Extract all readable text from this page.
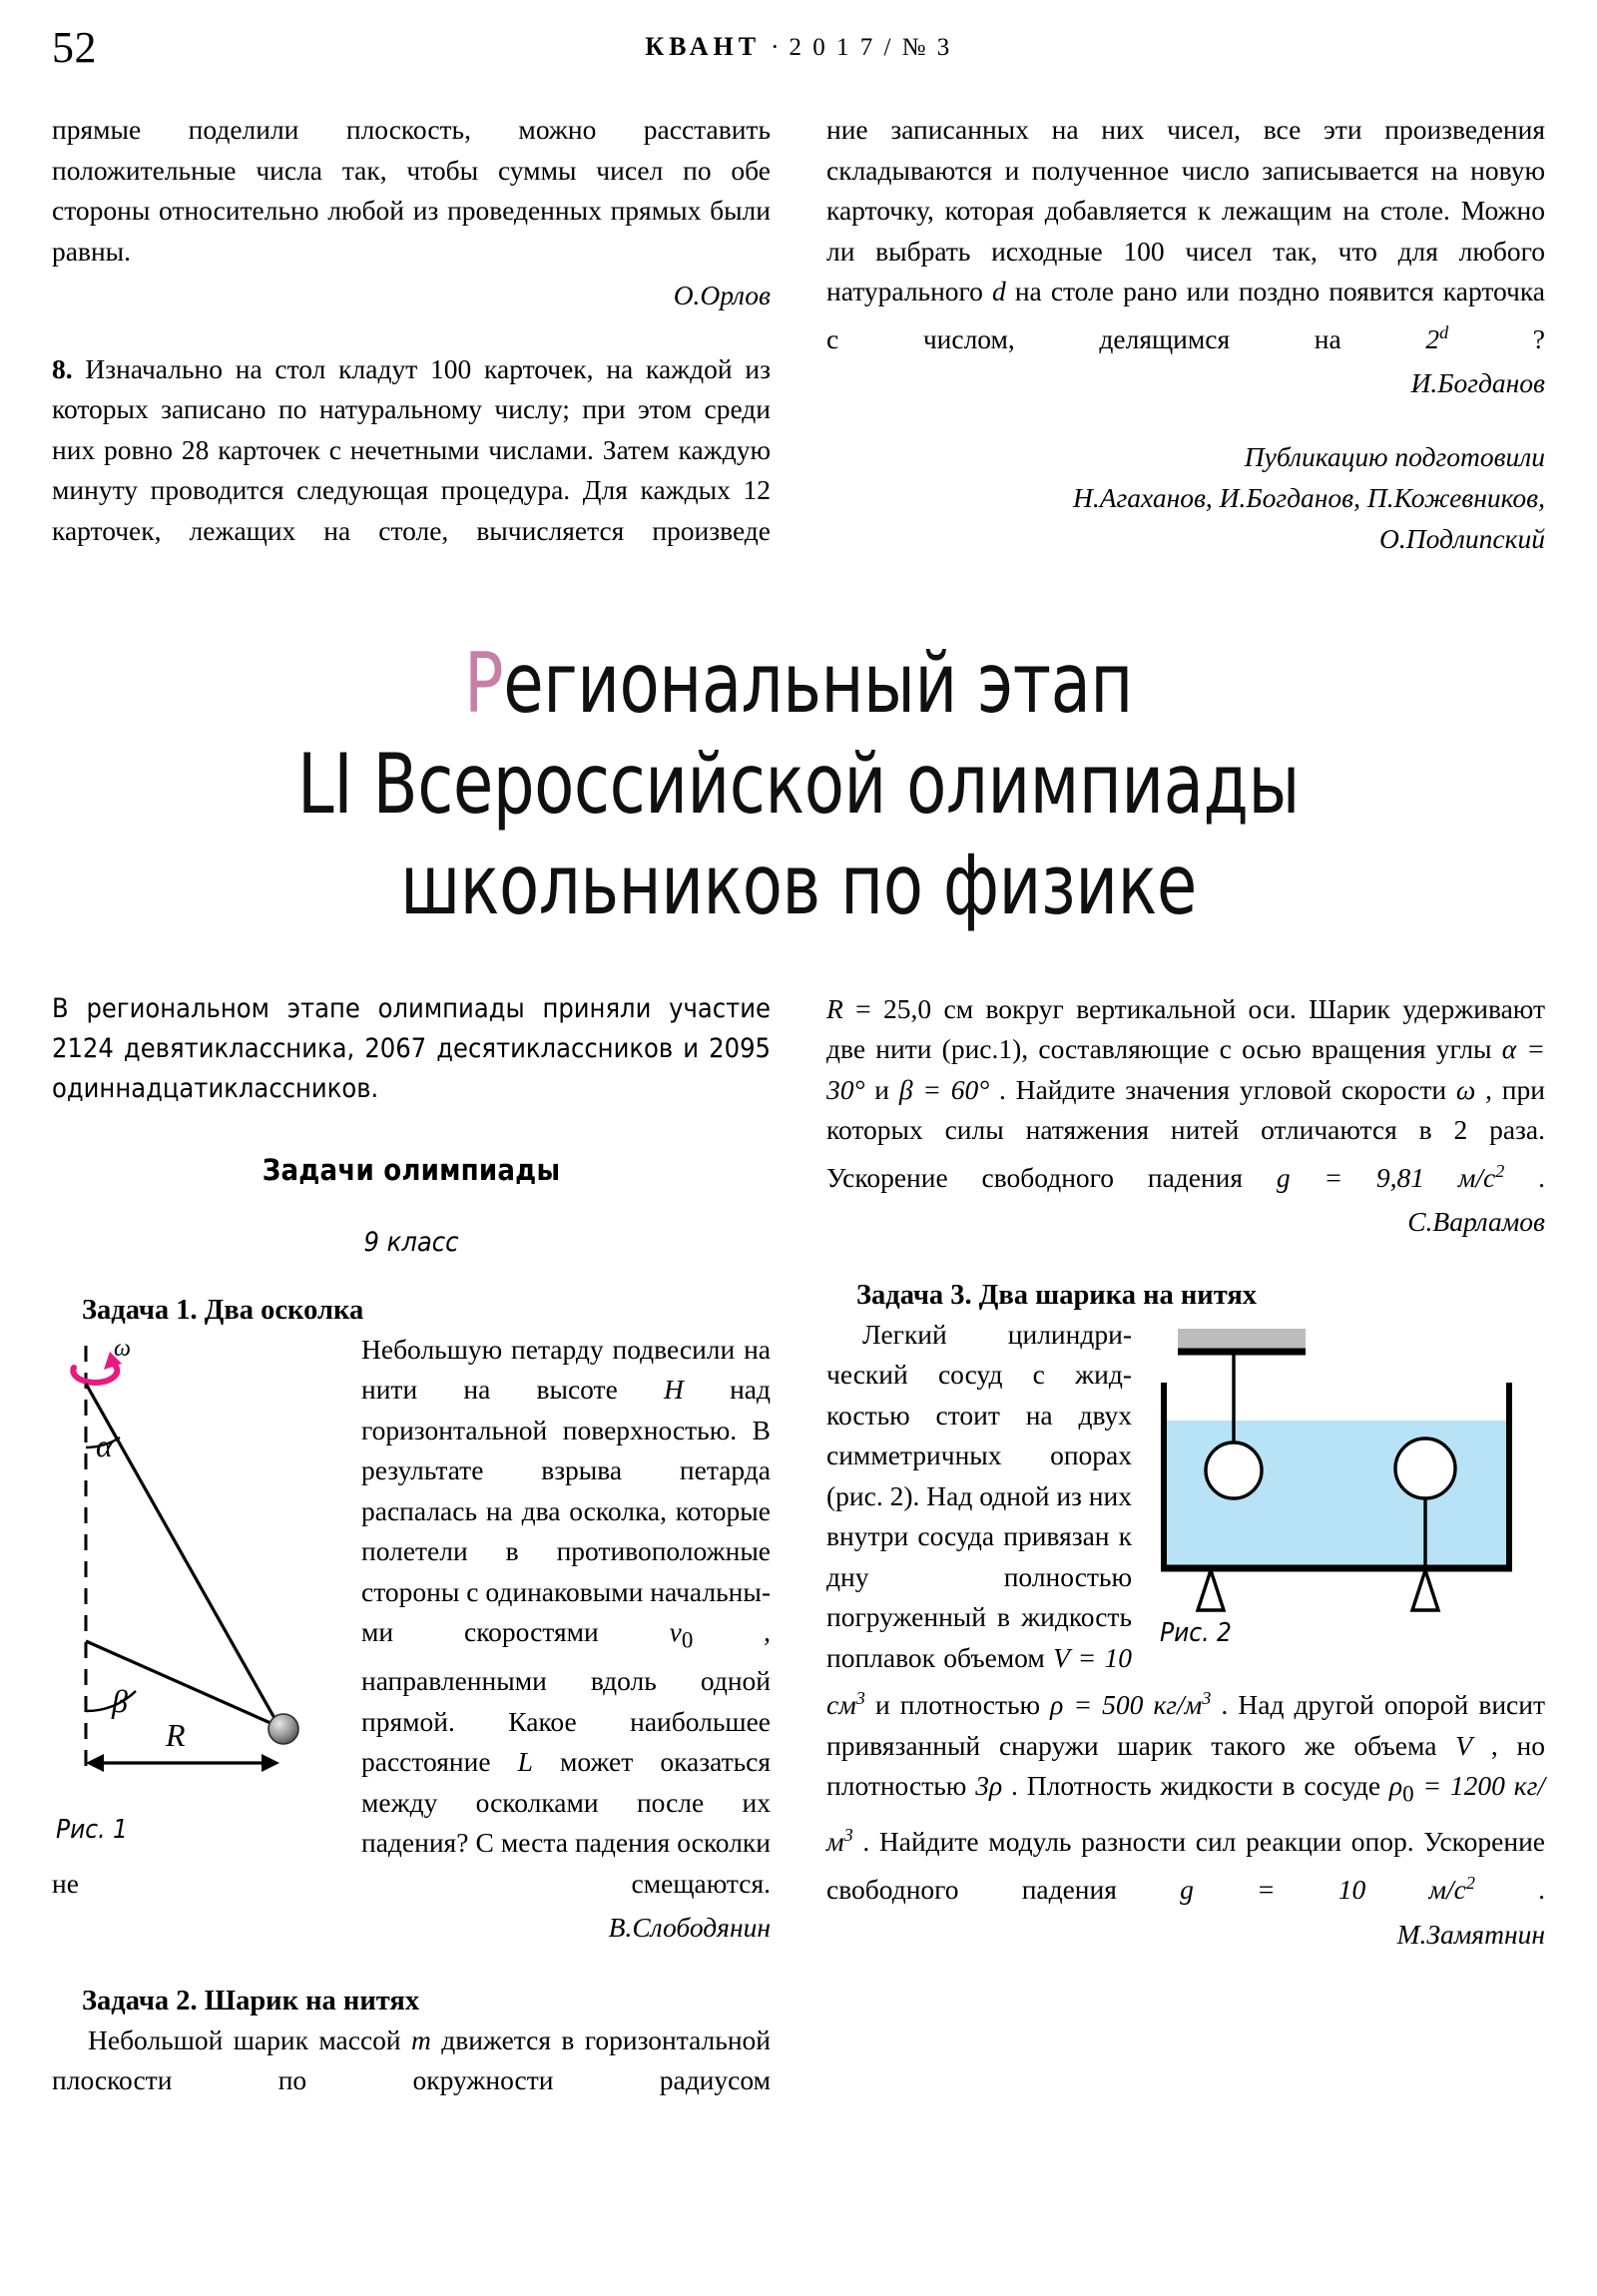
52	КВАНТ · 2 0 1 7 / № 3

прямые поделили плоскость, можно расставить положительные числа так, чтобы суммы чисел по обе стороны относительно любой из проведенных прямых были равны.

О.Орлов

8. Изначально на стол кладут 100 карточек, на каждой из которых записано по натуральному числу; при этом среди них ровно 28 карточек с нечетными числами. Затем каждую минуту проводится следующая процедура. Для каждых 12 карточек, лежащих на столе, вычисляется произведе

ние записанных на них чисел, все эти произведения складываются и полученное число записывается на новую карточку, которая добавляется к лежащим на столе. Можно ли выбрать исходные 100 чисел так, что для любого натурального d на столе рано или поздно появится карточка с числом, делящимся на 2$^d$ ?

И.Богданов
Публикацию подготовили
Н.Агаханов, И.Богданов, П.Кожевников,
О.Подлипский
Региональный этап
LI Всероссийской олимпиады
школьников по физике

В региональном этапе олимпиады приняли участие 2124 девятиклассника, 2067 десятиклассников и 2095 одиннадцатиклассников.

Задачи олимпиады
9 класс
Задача 1. Два осколка
ω
α
β
R
Рис. 1

Небольшую петарду подвесили на нити на высоте H над горизонтальной поверхностью. В результате взрыва петарда распалась на два осколка, которые полетели в противоположные стороны с одинаковыми начальными скоростями $v_0$ , направленными вдоль одной прямой. Какое наибольшее расстояние L может оказаться между осколками после их падения? С места падения осколки не смещаются.

В.Слободянин
Задача 2. Шарик на нитях

Небольшой шарик массой m движется в горизонтальной плоскости по окружности радиусом

R = 25,0 см вокруг вертикальной оси. Шарик удерживают две нити (рис.1), составляющие с осью вращения углы α = 30° и β = 60° . Найдите значения угловой скорости ω , при которых силы натяжения нитей отличаются в 2 раза. Ускорение свободного падения g = 9,81 $м/с^2$ .

С.Варламов
Задача 3. Два шарика на нитях
Рис. 2

Легкий цилиндрический сосуд с жидкостью стоит на двух симметричных опорах (рис. 2). Над одной из них внутри сосуда привязан к дну полностью погруженный в жидкость поплавок объемом V = 10 $см^3$ и плотностью ρ = 500 $кг/м^3$ . Над другой опорой висит привязанный снаружи шарик такого же объема V , но плотностью 3ρ . Плотность жидкости в сосуде $\rho_0 = 1200$ $кг/м^3$ . Найдите модуль разности сил реакции опор. Ускорение свободного падения g = 10 $м/с^2$ .

М.Замятнин
